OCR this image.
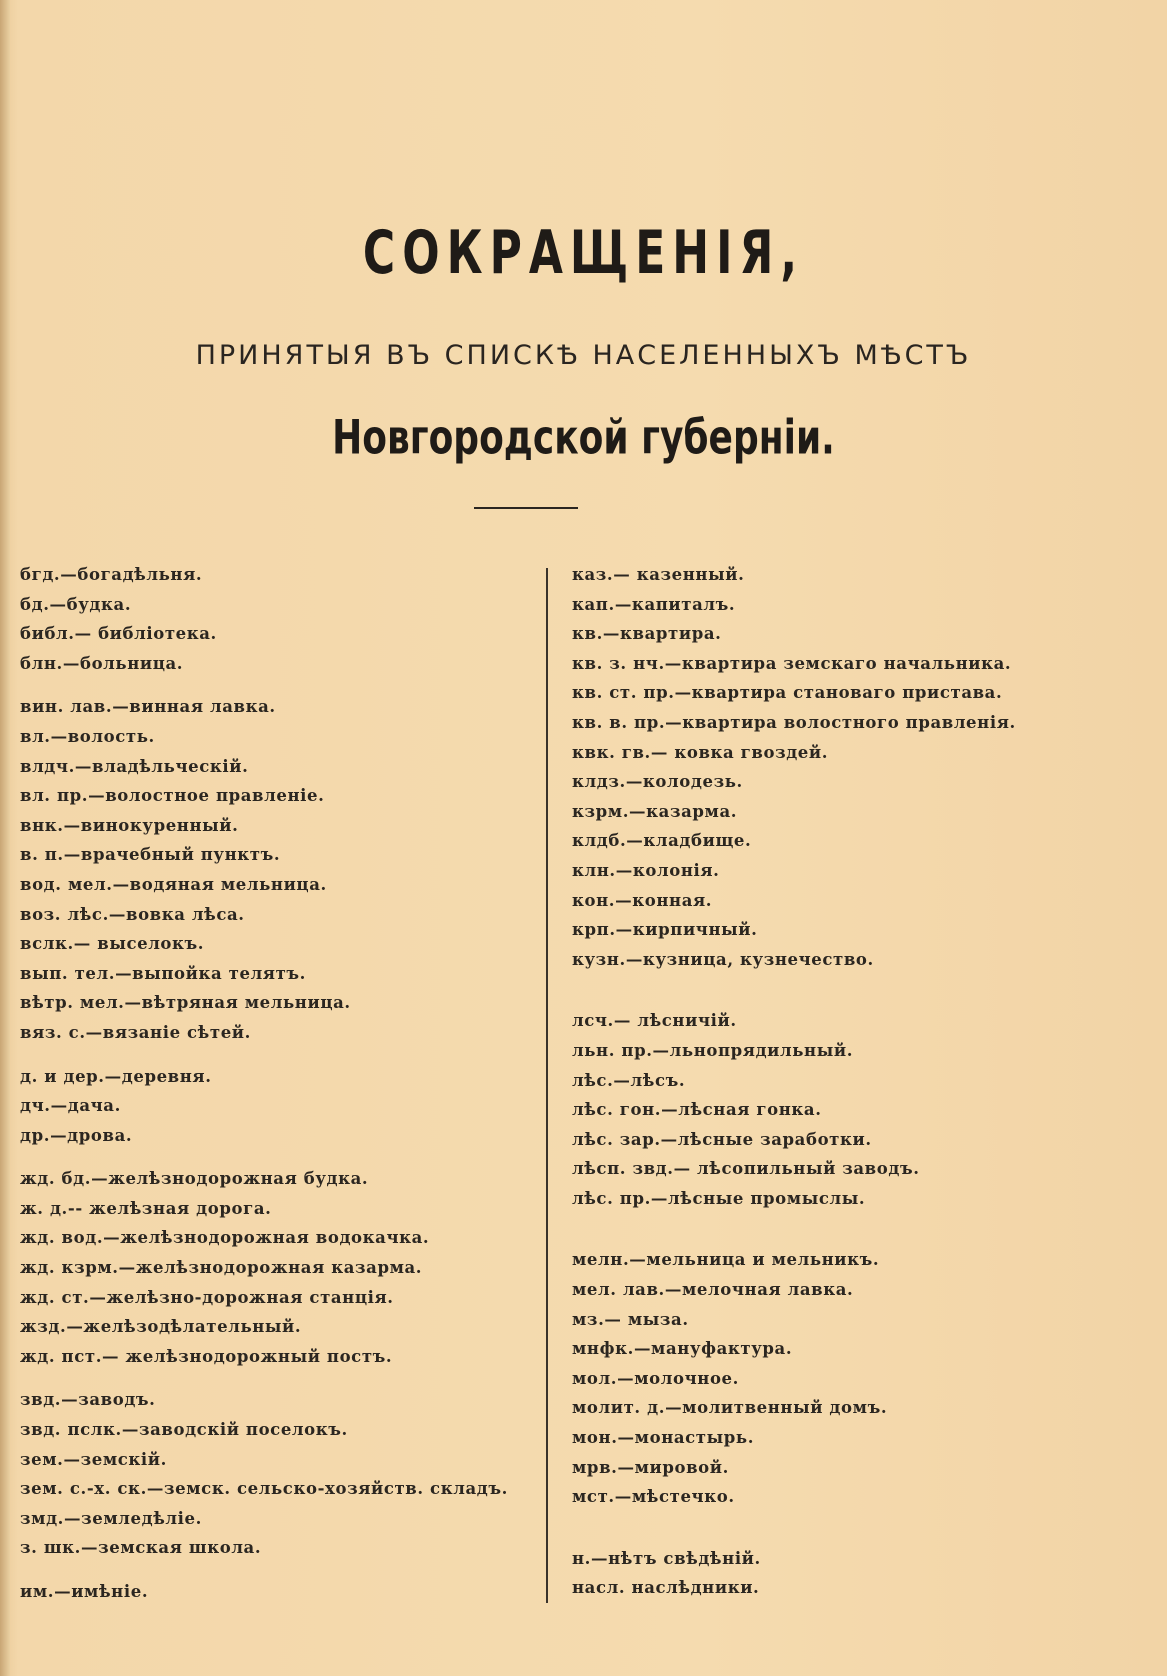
СОКРАЩЕНІЯ,
ПРИНЯТЫЯ ВЪ СПИСКѢ НАСЕЛЕННЫХЪ МѢСТЪ
Новгородской губерніи.
бгд.—богадѣльня.
бд.—будка.
библ.— библіотека.
блн.—больница.
вин. лав.—винная лавка.
вл.—волость.
влдч.—владѣльческій.
вл. пр.—волостное правленіе.
внк.—винокуренный.
в. п.—врачебный пунктъ.
вод. мел.—водяная мельница.
воз. лѣс.—вовка лѣса.
вслк.— выселокъ.
вып. тел.—выпойка телятъ.
вѣтр. мел.—вѣтряная мельница.
вяз. с.—вязаніе сѣтей.
д. и дер.—деревня.
дч.—дача.
др.—дрова.
жд. бд.—желѣзнодорожная будка.
ж. д.-- желѣзная дорога.
жд. вод.—желѣзнодорожная водокачка.
жд. кзрм.—желѣзнодорожная казарма.
жд. ст.—желѣзно-дорожная станція.
жзд.—желѣзодѣлательный.
жд. пст.— желѣзнодорожный постъ.
звд.—заводъ.
звд. пслк.—заводскій поселокъ.
зем.—земскій.
зем. с.-х. ск.—земск. сельско-хозяйств. складъ.
змд.—земледѣліе.
з. шк.—земская школа.
им.—имѣніе.
каз.— казенный.
кап.—капиталъ.
кв.—квартира.
кв. з. нч.—квартира земскаго начальника.
кв. ст. пр.—квартира становаго пристава.
кв. в. пр.—квартира волостного правленія.
квк. гв.— ковка гвоздей.
клдз.—колодезь.
кзрм.—казарма.
клдб.—кладбище.
клн.—колонія.
кон.—конная.
крп.—кирпичный.
кузн.—кузница, кузнечество.
лсч.— лѣсничій.
льн. пр.—льнопрядильный.
лѣс.—лѣсъ.
лѣс. гон.—лѣсная гонка.
лѣс. зар.—лѣсные заработки.
лѣсп. звд.— лѣсопильный заводъ.
лѣс. пр.—лѣсные промыслы.
мелн.—мельница и мельникъ.
мел. лав.—мелочная лавка.
мз.— мыза.
мнфк.—мануфактура.
мол.—молочное.
молит. д.—молитвенный домъ.
мон.—монастырь.
мрв.—мировой.
мст.—мѣстечко.
н.—нѣтъ свѣдѣній.
насл. наслѣдники.
